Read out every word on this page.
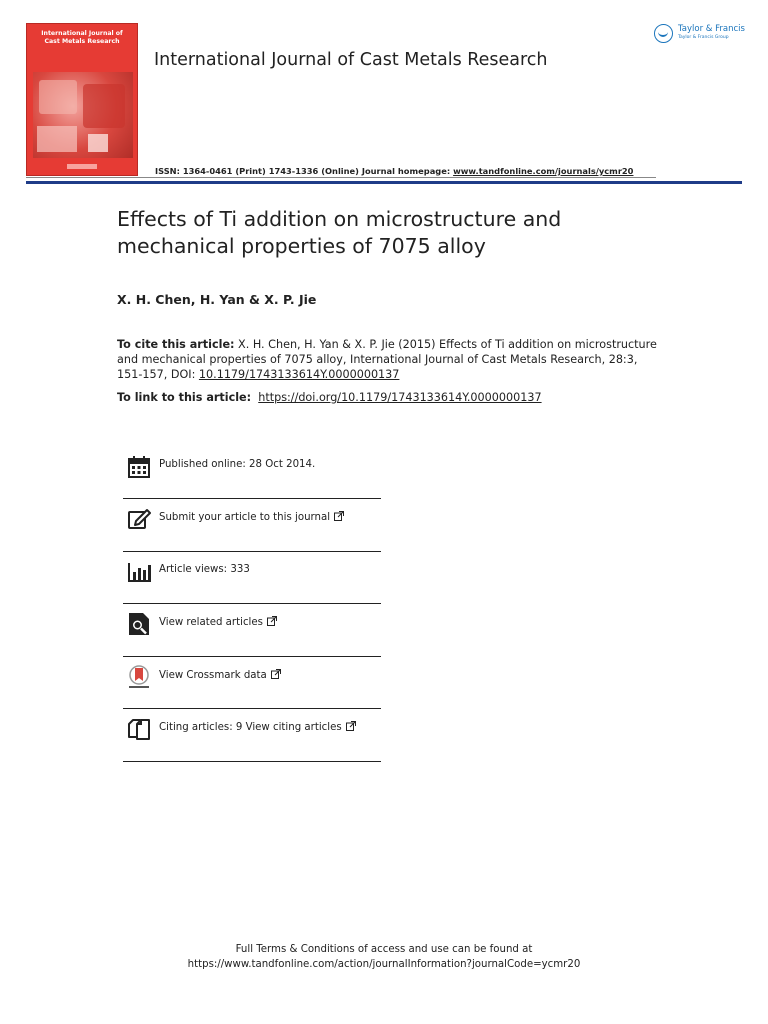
International Journal of
Cast Metals Research
International Journal of Cast Metals Research
Taylor & Francis
Taylor & Francis Group
ISSN: 1364-0461 (Print) 1743-1336 (Online) Journal homepage: www.tandfonline.com/journals/ycmr20
Effects of Ti addition on microstructure and mechanical properties of 7075 alloy
X. H. Chen, H. Yan & X. P. Jie
To cite this article: X. H. Chen, H. Yan & X. P. Jie (2015) Effects of Ti addition on microstructure and mechanical properties of 7075 alloy, International Journal of Cast Metals Research, 28:3, 151-157, DOI: 10.1179/1743133614Y.0000000137
To link to this article: https://doi.org/10.1179/1743133614Y.0000000137
Published online: 28 Oct 2014.
Submit your article to this journal
Article views: 333
View related articles
View Crossmark data
Citing articles: 9 View citing articles
Full Terms & Conditions of access and use can be found at
https://www.tandfonline.com/action/journalInformation?journalCode=ycmr20
